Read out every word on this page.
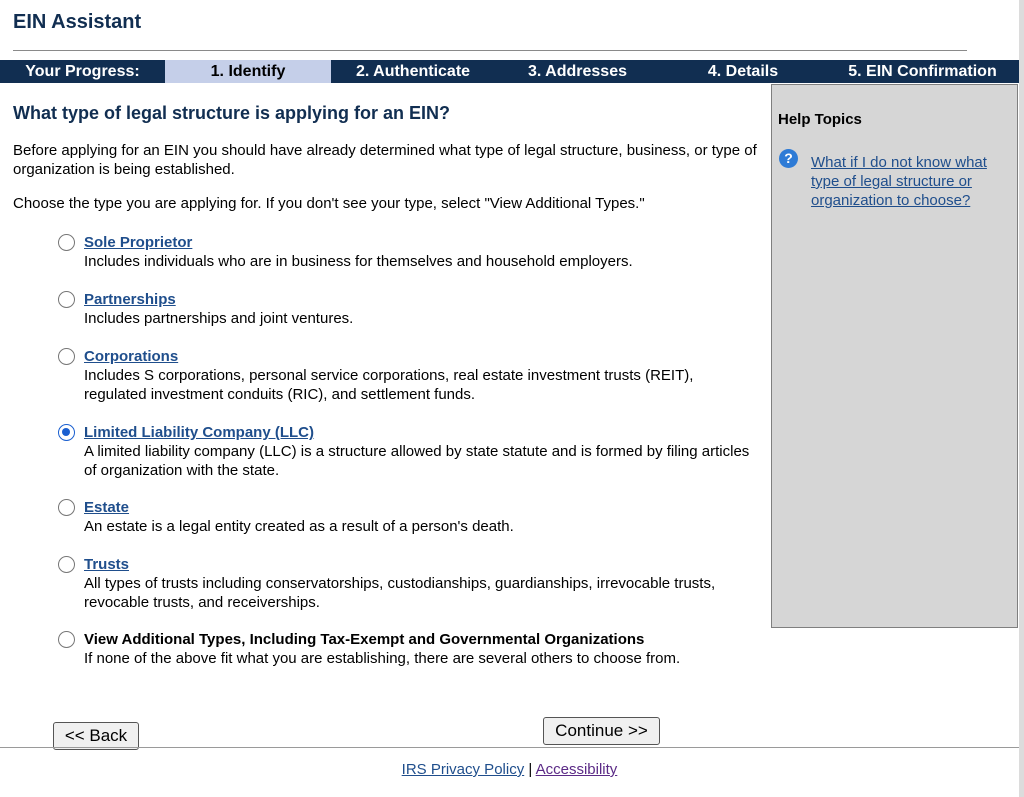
EIN Assistant
Your Progress:	1. Identify	2. Authenticate	3. Addresses	4. Details	5. EIN Confirmation
What type of legal structure is applying for an EIN?

Before applying for an EIN you should have already determined what type of legal structure, business, or type of organization is being established.

Choose the type you are applying for. If you don't see your type, select "View Additional Types."

Sole Proprietor
Includes individuals who are in business for themselves and household employers.
Partnerships
Includes partnerships and joint ventures.
Corporations
Includes S corporations, personal service corporations, real estate investment trusts (REIT), regulated investment conduits (RIC), and settlement funds.
Limited Liability Company (LLC)
A limited liability company (LLC) is a structure allowed by state statute and is formed by filing articles of organization with the state.
Estate
An estate is a legal entity created as a result of a person's death.
Trusts
All types of trusts including conservatorships, custodianships, guardianships, irrevocable trusts, revocable trusts, and receiverships.
View Additional Types, Including Tax-Exempt and Governmental Organizations
If none of the above fit what you are establishing, there are several others to choose from.
Help Topics
?	What if I do not know what type of legal structure or organization to choose?
<< Back	Continue >>
IRS Privacy Policy | Accessibility
